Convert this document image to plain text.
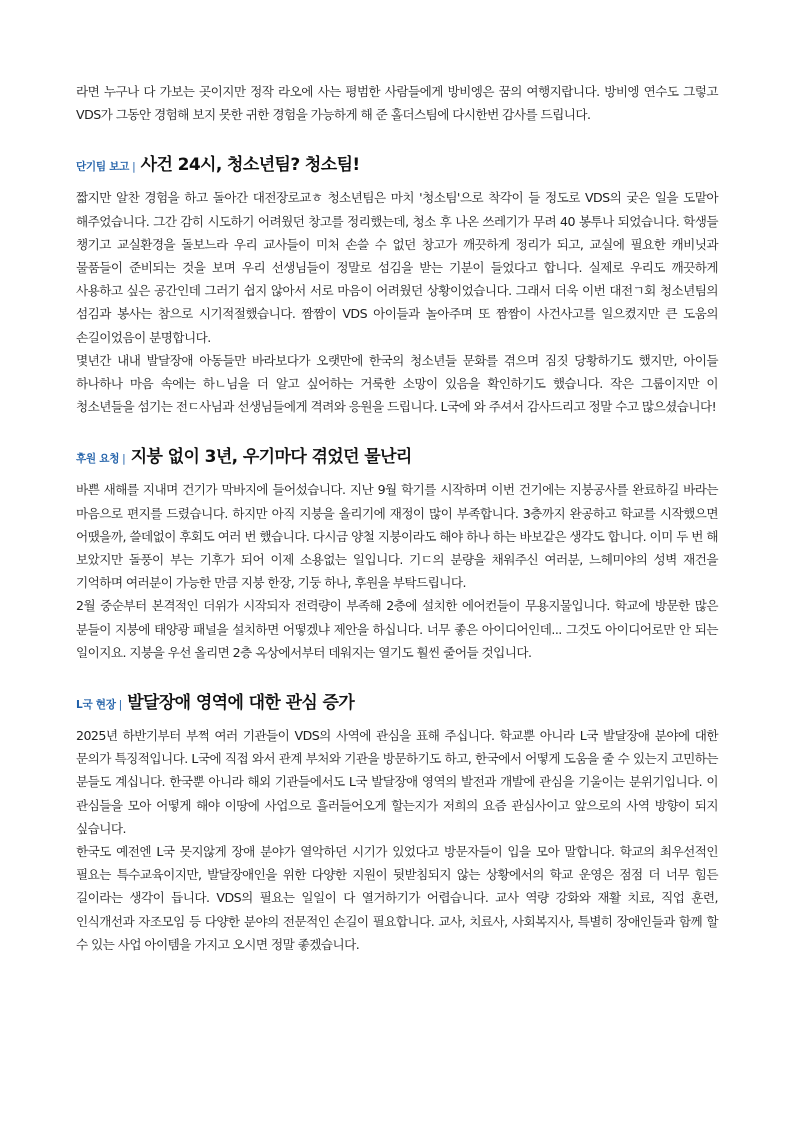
라면 누구나 다 가보는 곳이지만 정작 라오에 사는 평범한 사람들에게 방비엥은 꿈의 여행지랍니다. 방비엥 연수도 그렇고 VDS가 그동안 경험해 보지 못한 귀한 경험을 가능하게 해 준 홀더스팀에 다시한번 감사를 드립니다.

단기팀 보고 | 사건 24시, 청소년팀? 청소팀!

짧지만 알찬 경험을 하고 돌아간 대전장로교ㅎ 청소년팀은 마치 '청소팀'으로 착각이 들 정도로 VDS의 궂은 일을 도맡아 해주었습니다. 그간 감히 시도하기 어려웠던 창고를 정리했는데, 청소 후 나온 쓰레기가 무려 40 봉투나 되었습니다. 학생들 챙기고 교실환경을 돌보느라 우리 교사들이 미처 손쓸 수 없던 창고가 깨끗하게 정리가 되고, 교실에 필요한 캐비닛과 물품들이 준비되는 것을 보며 우리 선생님들이 정말로 섬김을 받는 기분이 들었다고 합니다. 실제로 우리도 깨끗하게 사용하고 싶은 공간인데 그러기 쉽지 않아서 서로 마음이 어려웠던 상황이었습니다. 그래서 더욱 이번 대전ㄱ회 청소년팀의 섬김과 봉사는 참으로 시기적절했습니다. 짬짬이 VDS 아이들과 놀아주며 또 짬짬이 사건사고를 일으켰지만 큰 도움의 손길이었음이 분명합니다.

몇년간 내내 발달장애 아동들만 바라보다가 오랫만에 한국의 청소년들 문화를 겪으며 짐짓 당황하기도 했지만, 아이들 하나하나 마음 속에는 하ㄴ님을 더 알고 싶어하는 거룩한 소망이 있음을 확인하기도 했습니다. 작은 그룹이지만 이 청소년들을 섬기는 전ㄷ사님과 선생님들에게 격려와 응원을 드립니다. L국에 와 주셔서 감사드리고 정말 수고 많으셨습니다!

후원 요청 | 지붕 없이 3년, 우기마다 겪었던 물난리

바쁜 새해를 지내며 건기가 막바지에 들어섰습니다. 지난 9월 학기를 시작하며 이번 건기에는 지붕공사를 완료하길 바라는 마음으로 편지를 드렸습니다. 하지만 아직 지붕을 올리기에 재정이 많이 부족합니다. 3층까지 완공하고 학교를 시작했으면 어땠을까, 쓸데없이 후회도 여러 번 했습니다. 다시금 양철 지붕이라도 해야 하나 하는 바보같은 생각도 합니다. 이미 두 번 해 보았지만 돌풍이 부는 기후가 되어 이제 소용없는 일입니다. 기ㄷ의 분량을 채워주신 여러분, 느헤미야의 성벽 재건을 기억하며 여러분이 가능한 만큼 지붕 한장, 기둥 하나, 후원을 부탁드립니다.

2월 중순부터 본격적인 더위가 시작되자 전력량이 부족해 2층에 설치한 에어컨들이 무용지물입니다. 학교에 방문한 많은 분들이 지붕에 태양광 패널을 설치하면 어떻겠냐 제안을 하십니다. 너무 좋은 아이디어인데... 그것도 아이디어로만 안 되는 일이지요. 지붕을 우선 올리면 2층 옥상에서부터 데워지는 열기도 훨씬 줄어들 것입니다.

L국 현장 | 발달장애 영역에 대한 관심 증가

2025년 하반기부터 부쩍 여러 기관들이 VDS의 사역에 관심을 표해 주십니다. 학교뿐 아니라 L국 발달장애 분야에 대한 문의가 특징적입니다. L국에 직접 와서 관계 부처와 기관을 방문하기도 하고, 한국에서 어떻게 도움을 줄 수 있는지 고민하는 분들도 계십니다. 한국뿐 아니라 해외 기관들에서도 L국 발달장애 영역의 발전과 개발에 관심을 기울이는 분위기입니다. 이 관심들을 모아 어떻게 해야 이땅에 사업으로 흘러들어오게 할는지가 저희의 요즘 관심사이고 앞으로의 사역 방향이 되지 싶습니다.

한국도 예전엔 L국 못지않게 장애 분야가 열악하던 시기가 있었다고 방문자들이 입을 모아 말합니다. 학교의 최우선적인 필요는 특수교육이지만, 발달장애인을 위한 다양한 지원이 뒷받침되지 않는 상황에서의 학교 운영은 점점 더 너무 힘든 길이라는 생각이 듭니다. VDS의 필요는 일일이 다 열거하기가 어렵습니다. 교사 역량 강화와 재활 치료, 직업 훈련, 인식개선과 자조모임 등 다양한 분야의 전문적인 손길이 필요합니다. 교사, 치료사, 사회복지사, 특별히 장애인들과 함께 할 수 있는 사업 아이템을 가지고 오시면 정말 좋겠습니다.
